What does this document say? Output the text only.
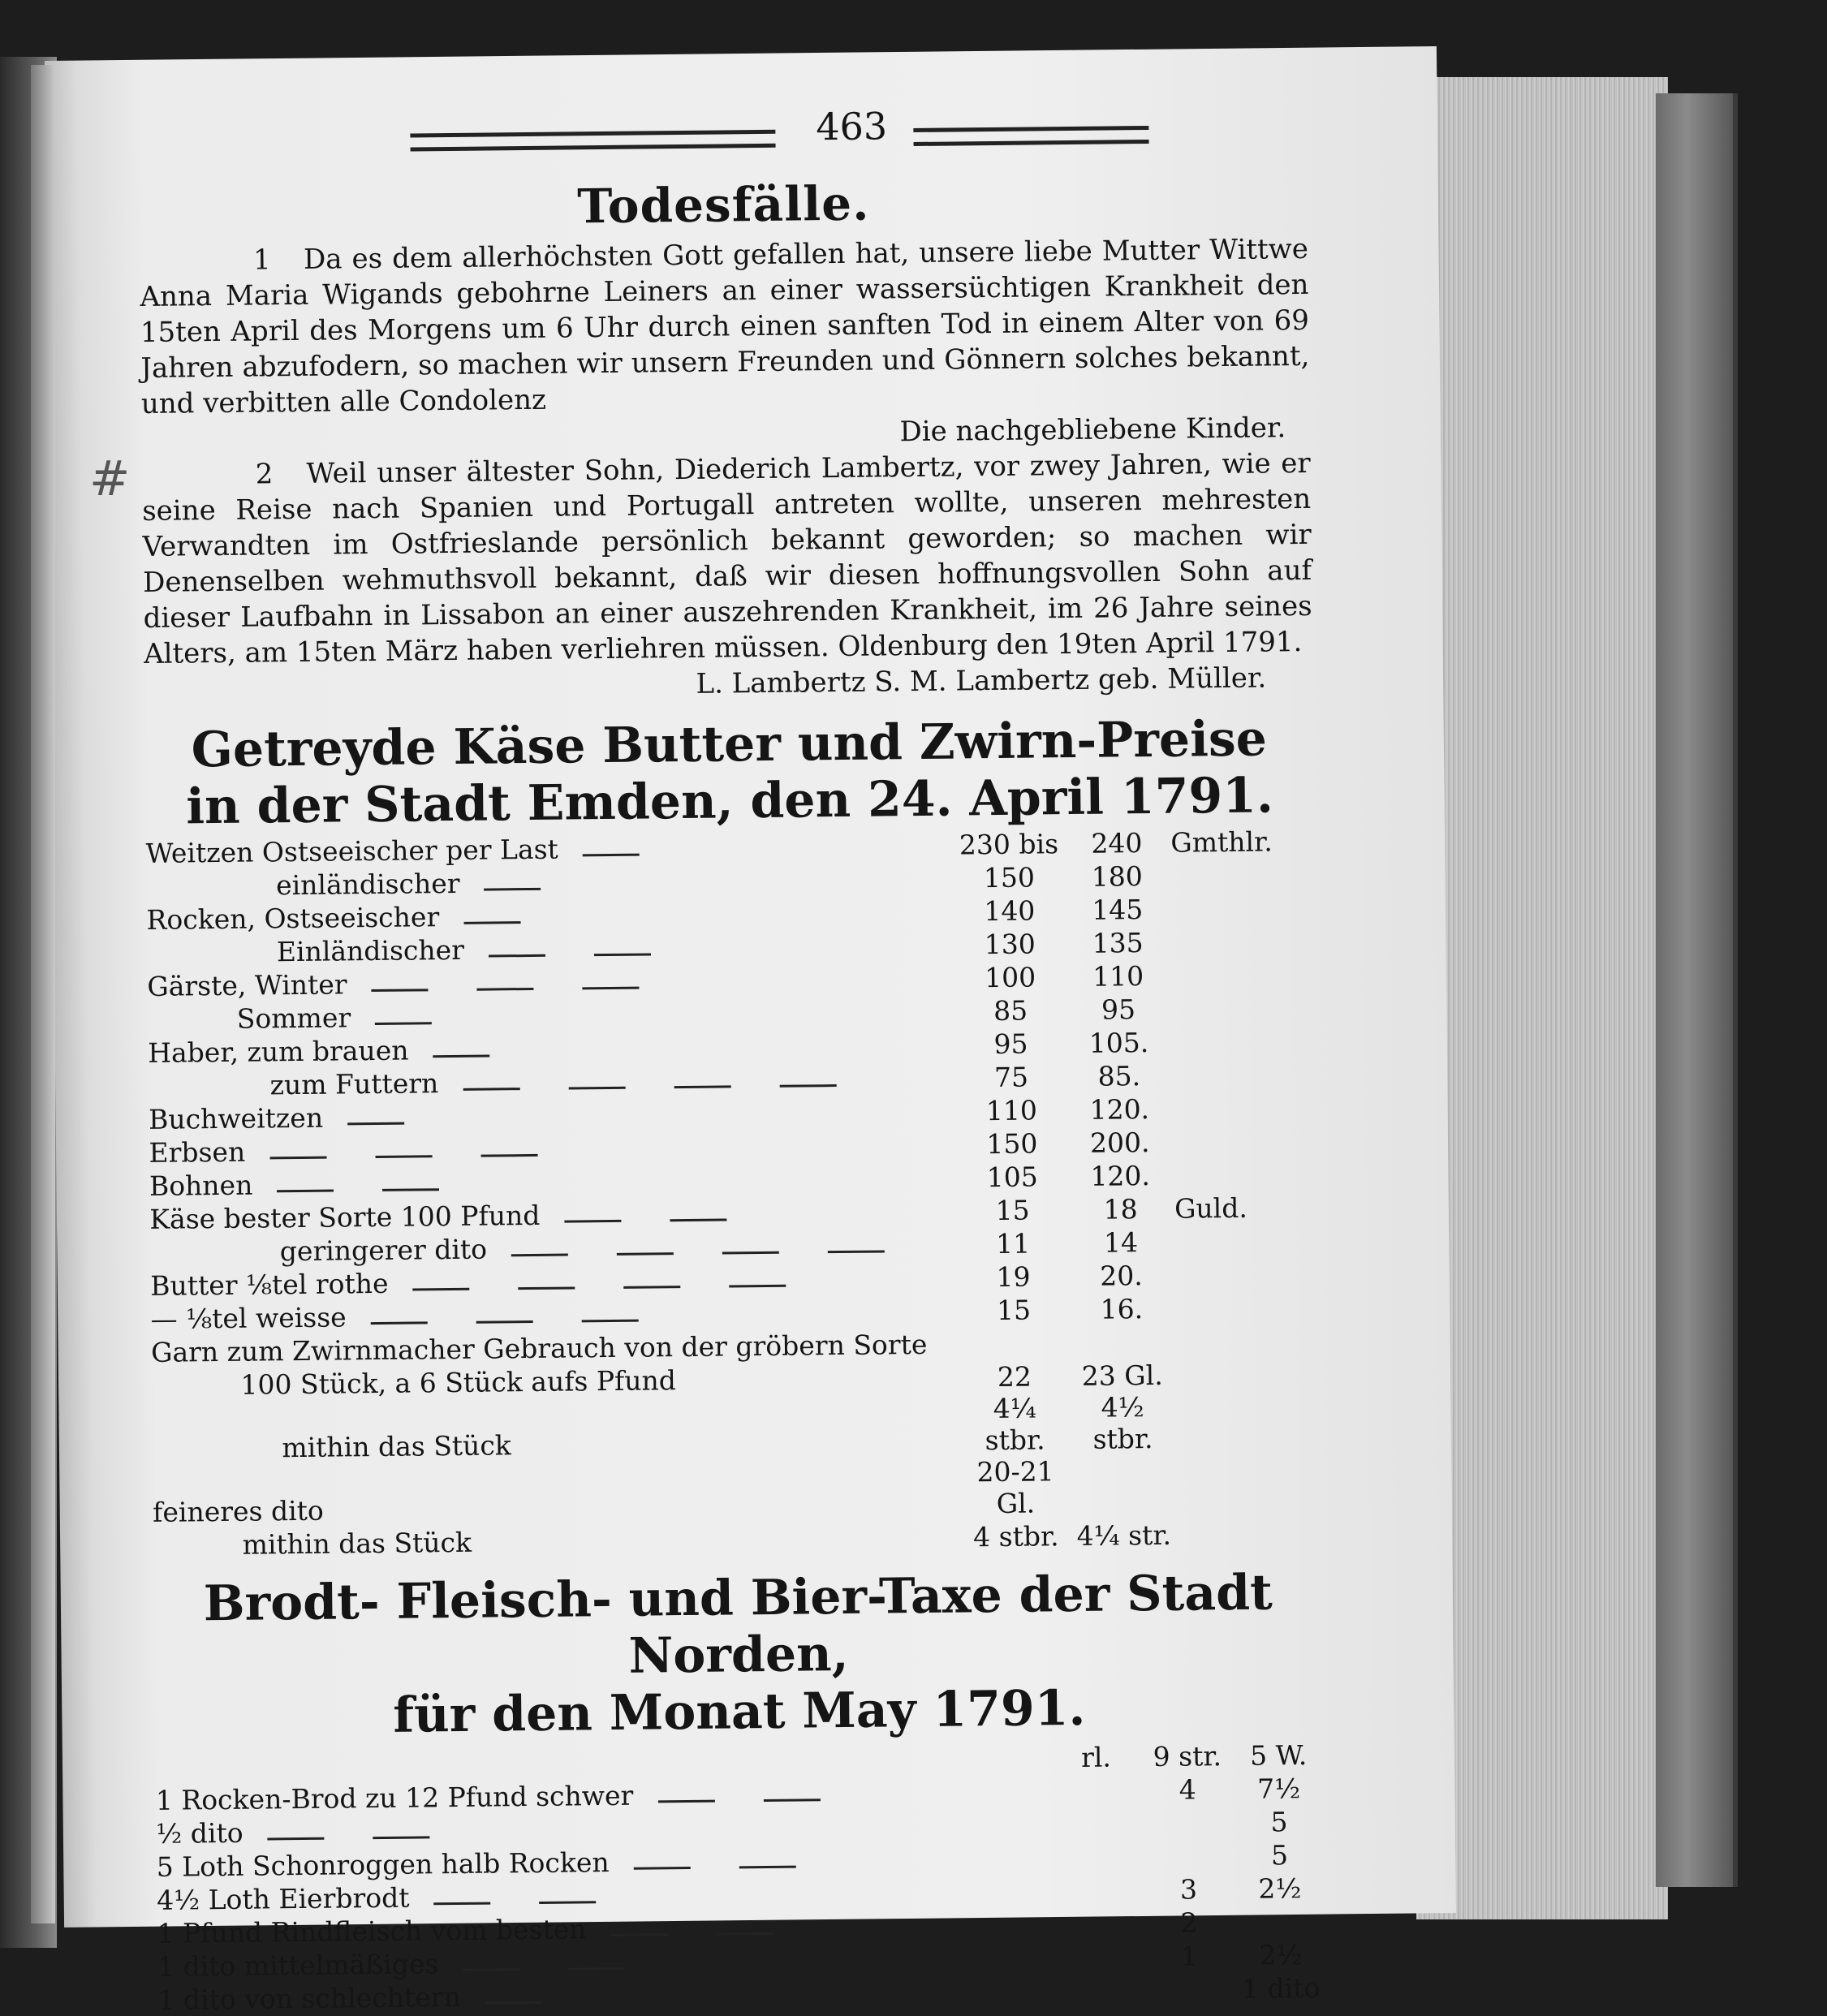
#
463
Todesfälle.
1 Da es dem allerhöchsten Gott gefallen hat, unsere liebe Mutter Wittwe Anna Maria Wigands gebohrne Leiners an einer wassersüchtigen Krankheit den 15ten April des Morgens um 6 Uhr durch einen sanften Tod in einem Alter von 69 Jahren abzufodern, so machen wir unsern Freunden und Gönnern solches bekannt, und verbitten alle Condolenz
Die nachgebliebene Kinder.
2 Weil unser ältester Sohn, Diederich Lambertz, vor zwey Jahren, wie er seine Reise nach Spanien und Portugall antreten wollte, unseren mehresten Verwandten im Ostfrieslande persönlich bekannt geworden; so machen wir Denenselben wehmuthsvoll bekannt, daß wir diesen hoffnungsvollen Sohn auf dieser Laufbahn in Lissabon an einer auszehrenden Krankheit, im 26 Jahre seines Alters, am 15ten März haben verliehren müssen. Oldenburg den 19ten April 1791.
L. Lambertz S. M. Lambertz geb. Müller.
Getreyde Käse Butter und Zwirn-Preise
in der Stadt Emden, den 24. April 1791.
Weitzen Ostseeischer per Last	230 bis	240	Gmthlr.
einländischer	150	180	
Rocken, Ostseeischer	140	145	
Einländischer	130	135	
Gärste, Winter	100	110	
Sommer	85	95	
Haber, zum brauen	95	105.	
zum Futtern	75	85.	
Buchweitzen	110	120.	
Erbsen	150	200.	
Bohnen	105	120.	
Käse bester Sorte 100 Pfund	15	18	Guld.
geringerer dito	11	14	
Butter ⅛tel rothe	19	20.	
— ⅛tel weisse	15	16.	
Garn zum Zwirnmacher Gebrauch von der gröbern Sorte			
100 Stück, a 6 Stück aufs Pfund	22	23 Gl.	
mithin das Stück	4¼ stbr.	4½ stbr.	
feineres dito	20-21 Gl.		
mithin das Stück	4 stbr.	4¼ str.	
Brodt- Fleisch- und Bier-Taxe der Stadt Norden,
für den Monat May 1791.
	rl.	9 str.	5 W.
1 Rocken-Brod zu 12 Pfund schwer		4	7½
½ dito			5
5 Loth Schonroggen halb Rocken			5
4½ Loth Eierbrodt		3	2½
1 Pfund Rindfleisch vom besten		2	
1 dito mittelmäßiges		1	2½
1 dito von schlechtern			1 dito
